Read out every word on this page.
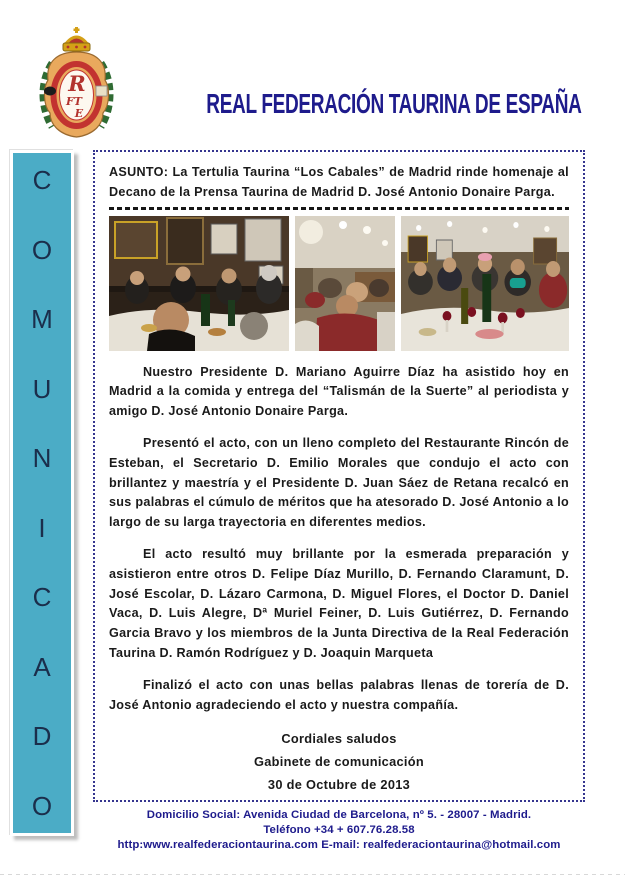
R
FT
E	REAL FEDERACIÓN TAURINA DE ESPAÑA
C
O
M
U
N
I
C
A
D
O

ASUNTO: La Tertulia Taurina “Los Cabales” de Madrid rinde homenaje al Decano de la Prensa Taurina de Madrid D. José Antonio Donaire Parga.

Nuestro Presidente D. Mariano Aguirre Díaz ha asistido hoy en Madrid a la comida y entrega del “Talismán de la Suerte” al periodista y amigo D. José Antonio Donaire Parga.

Presentó el acto, con un lleno completo del Restaurante Rincón de Esteban, el Secretario D. Emilio Morales que condujo el acto con brillantez y maestría y el Presidente D. Juan Sáez de Retana recalcó en sus palabras el cúmulo de méritos que ha atesorado D. José Antonio a lo largo de su larga trayectoria en diferentes medios.

El acto resultó muy brillante por la esmerada preparación y asistieron entre otros D. Felipe Díaz Murillo, D. Fernando Claramunt, D. José Escolar, D. Lázaro Carmona, D. Miguel Flores, el Doctor D. Daniel Vaca, D. Luis Alegre, Dª Muriel Feiner, D. Luis Gutiérrez, D. Fernando Garcia Bravo y los miembros de la Junta Directiva de la Real Federación Taurina D. Ramón Rodríguez y D. Joaquin Marqueta

Finalizó el acto con unas bellas palabras llenas de torería de D. José Antonio agradeciendo el acto y nuestra compañía.

Cordiales saludos
Gabinete de comunicación
30 de Octubre de 2013
Domicilio Social: Avenida Ciudad de Barcelona, nº 5. - 28007 - Madrid.
Teléfono +34 + 607.76.28.58
http:www.realfederaciontaurina.com E-mail: realfederaciontaurina@hotmail.com
